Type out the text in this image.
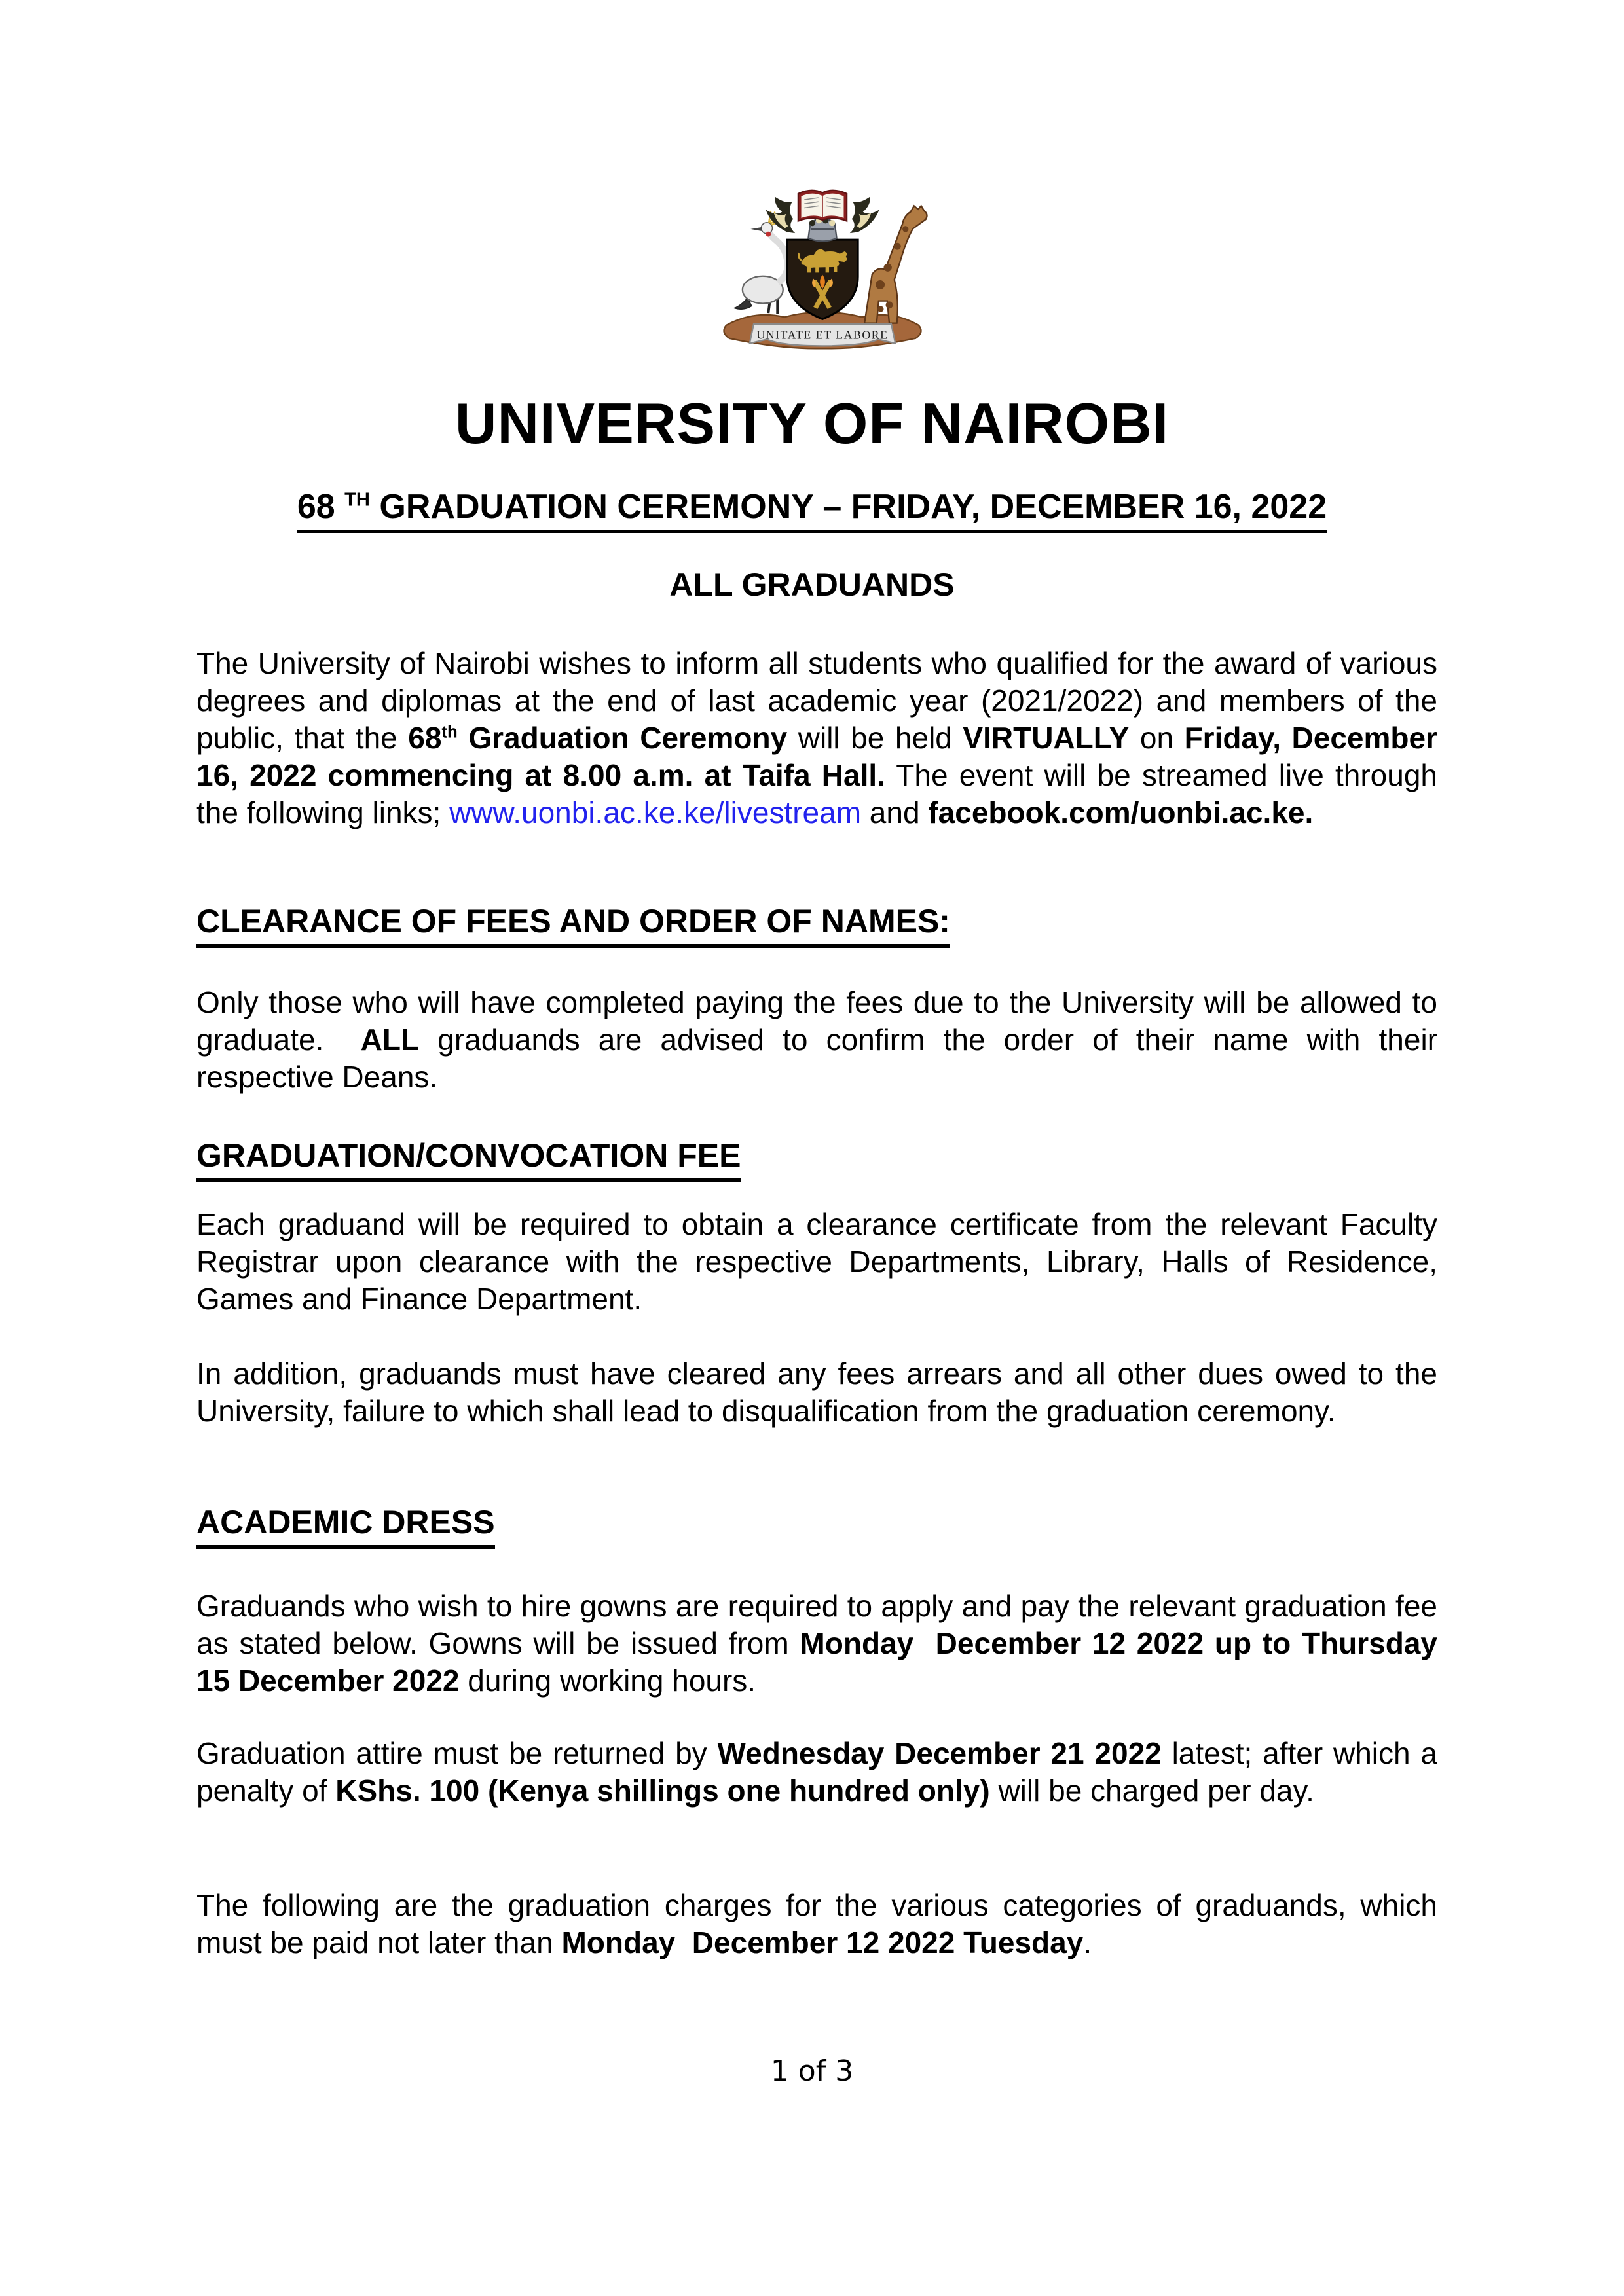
UNITATE ET LABORE
UNIVERSITY OF NAIROBI
68 $^{TH}$ GRADUATION CEREMONY – FRIDAY, DECEMBER 16, 2022
ALL GRADUANDS
The University of Nairobi wishes to inform all students who qualified for the award of various degrees and diplomas at the end of last academic year (2021/2022) and members of the public, that the 68th Graduation Ceremony will be held VIRTUALLY on Friday, December 16, 2022 commencing at 8.00 a.m. at Taifa Hall. The event will be streamed live through the following links; www.uonbi.ac.ke.ke/livestream and facebook.com/uonbi.ac.ke.
CLEARANCE OF FEES AND ORDER OF NAMES:
Only those who will have completed paying the fees due to the University will be allowed to graduate.  ALL graduands are advised to confirm the order of their name with their respective Deans.
GRADUATION/CONVOCATION FEE
Each graduand will be required to obtain a clearance certificate from the relevant Faculty Registrar upon clearance with the respective Departments, Library, Halls of Residence, Games and Finance Department.
In addition, graduands must have cleared any fees arrears and all other dues owed to the University, failure to which shall lead to disqualification from the graduation ceremony.
ACADEMIC DRESS
Graduands who wish to hire gowns are required to apply and pay the relevant graduation fee as stated below. Gowns will be issued from Monday  December 12 2022 up to Thursday 15 December 2022 during working hours.
Graduation attire must be returned by Wednesday December 21 2022 latest; after which a penalty of KShs. 100 (Kenya shillings one hundred only) will be charged per day.
The following are the graduation charges for the various categories of graduands, which must be paid not later than Monday  December 12 2022 Tuesday.
1 of 3
